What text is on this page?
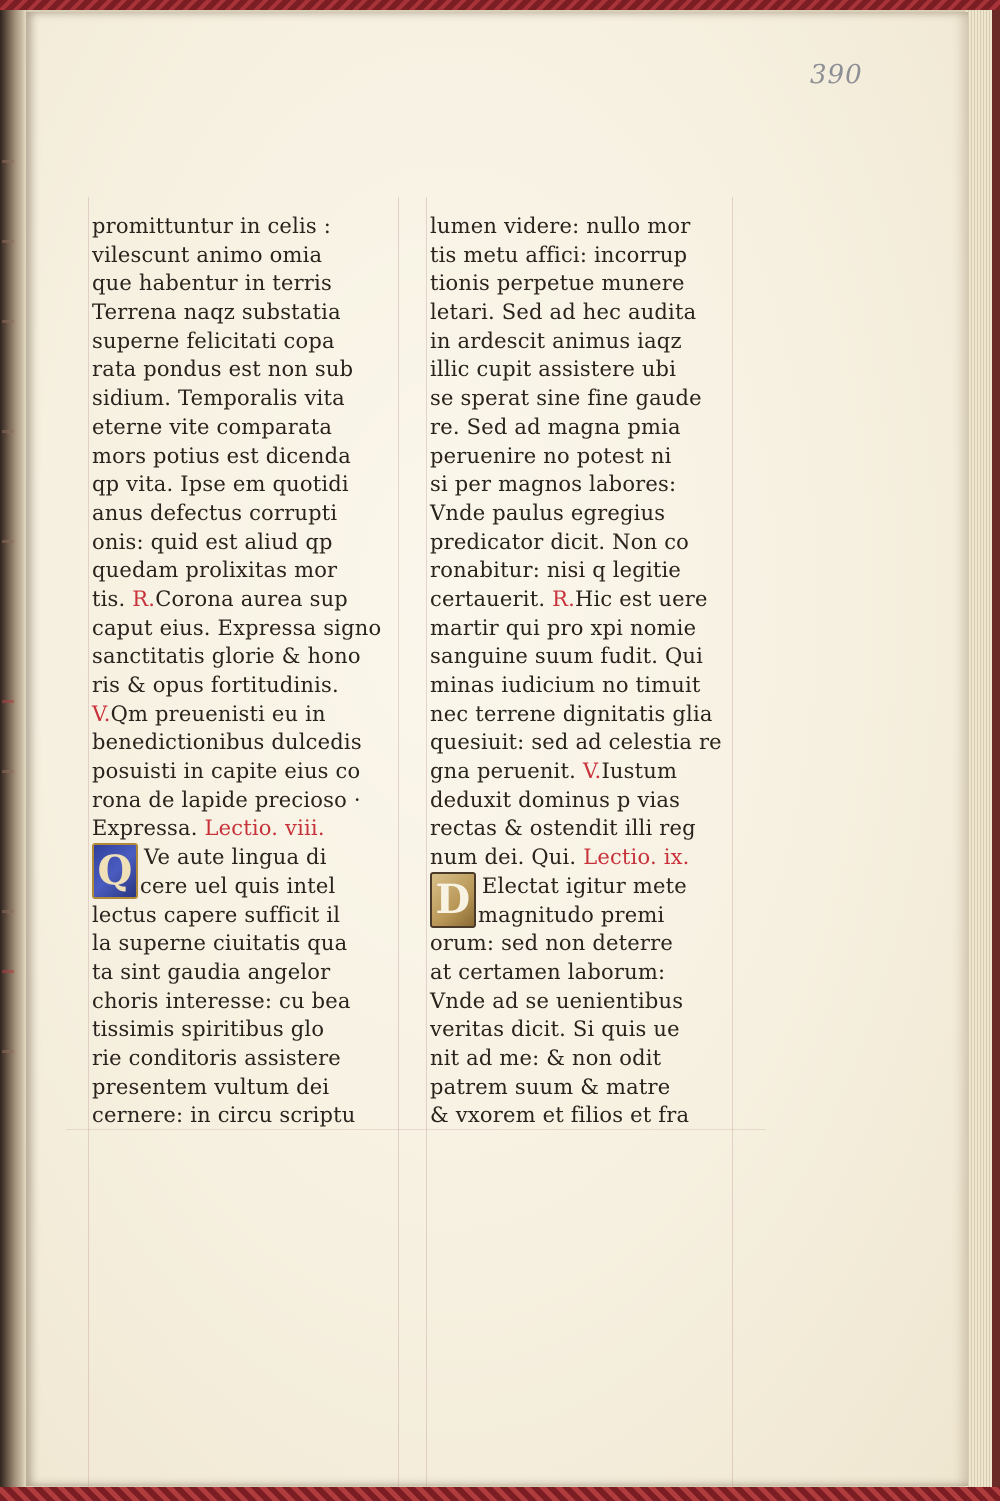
390
promittuntur in celis :
vilescunt animo omia
que habentur in terris
Terrena naqz substatia
superne felicitati copa
rata pondus est non sub
sidium. Temporalis vita
eterne vite comparata
mors potius est dicenda
qp vita. Ipse em quotidi
anus defectus corrupti
onis: quid est aliud qp
quedam prolixitas mor
tis. R.Corona aurea sup
caput eius. Expressa signo
sanctitatis glorie & hono
ris & opus fortitudinis.
V.Qm preuenisti eu in
benedictionibus dulcedis
posuisti in capite eius co
rona de lapide precioso ·
Expressa. Lectio. viii.
Q Ve aute lingua di
cere uel quis intel
lectus capere sufficit il
la superne ciuitatis qua
ta sint gaudia angelor
choris interesse: cu bea
tissimis spiritibus glo
rie conditoris assistere
presentem vultum dei
cernere: in circu scriptu
lumen videre: nullo mor
tis metu affici: incorrup
tionis perpetue munere
letari. Sed ad hec audita
in ardescit animus iaqz
illic cupit assistere ubi
se sperat sine fine gaude
re. Sed ad magna pmia
peruenire no potest ni
si per magnos labores:
Vnde paulus egregius
predicator dicit. Non co
ronabitur: nisi q legitie
certauerit. R.Hic est uere
martir qui pro xpi nomie
sanguine suum fudit. Qui
minas iudicium no timuit
nec terrene dignitatis glia
quesiuit: sed ad celestia re
gna peruenit. V.Iustum
deduxit dominus p vias
rectas & ostendit illi reg
num dei. Qui. Lectio. ix.
D Electat igitur mete
magnitudo premi
orum: sed non deterre
at certamen laborum:
Vnde ad se uenientibus
veritas dicit. Si quis ue
nit ad me: & non odit
patrem suum & matre
& vxorem et filios et fra
